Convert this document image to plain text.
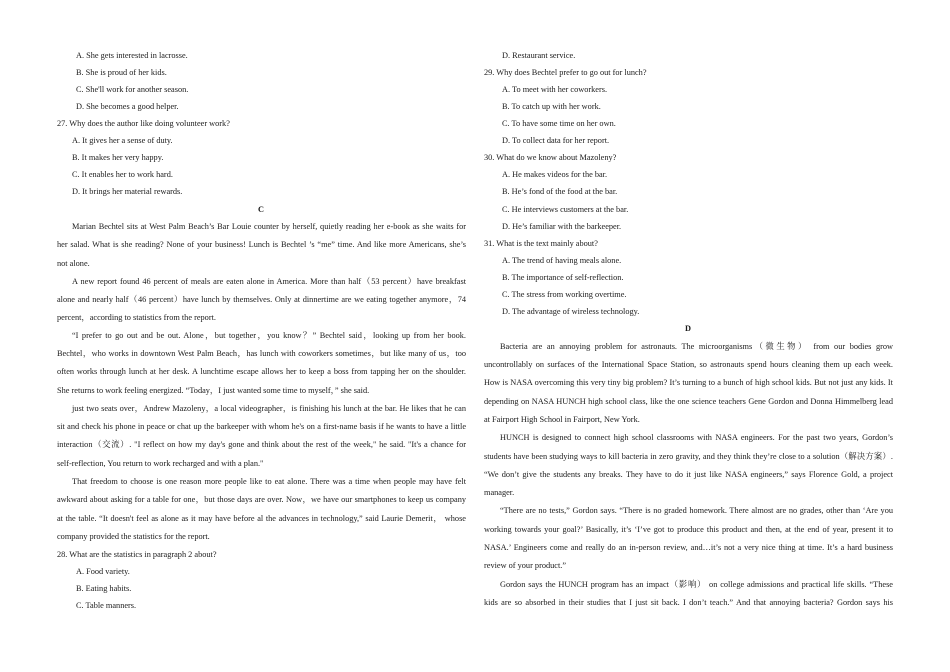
A. She gets interested in lacrosse.
B. She is proud of her kids.
C. She'll work for another season.
D. She becomes a good helper.
27. Why does the author like doing volunteer work?
A. It gives her a sense of duty.
B. It makes her very happy.
C. It enables her to work hard.
D. It brings her material rewards.
C
Marian Bechtel sits at West Palm Beach’s Bar Louie counter by herself, quietly reading her e-book as she waits for
her salad. What is she reading? None of your business! Lunch is Bechtel ’s “me” time. And like more Americans, she’s
not alone.
A new report found 46 percent of meals are eaten alone in America. More than half（53 percent）have breakfast
alone and nearly half（46 percent）have lunch by themselves. Only at dinnertime are we eating together anymore，74
percent，according to statistics from the report.
“I prefer to go out and be out. Alone，but together，you know？” Bechtel said，looking up from her book.
Bechtel，who works in downtown West Palm Beach，has lunch with coworkers sometimes，but like many of us，too
often works through lunch at her desk. A lunchtime escape allows her to keep a boss from tapping her on the shoulder.
She returns to work feeling energized. “Today，I just wanted some time to myself，” she said.
just two seats over，Andrew Mazoleny，a local videographer，is finishing his lunch at the bar. He likes that he can
sit and check his phone in peace or chat up the barkeeper with whom he's on a first-name basis if he wants to have a little
interaction（交流）. "I reflect on how my day's gone and think about the rest of the week," he said. "It's a chance for
self-reflection, You return to work recharged and with a plan."
That freedom to choose is one reason more people like to eat alone. There was a time when people may have felt
awkward about asking for a table for one，but those days are over. Now，we have our smartphones to keep us company
at the table. “It doesn't feel as alone as it may have before al the advances in technology,” said Laurie Demerit， whose
company provided the statistics for the report.
28. What are the statistics in paragraph 2 about?
A. Food variety.
B. Eating habits.
C. Table manners.
D. Restaurant service.
29. Why does Bechtel prefer to go out for lunch?
A. To meet with her coworkers.
B. To catch up with her work.
C. To have some time on her own.
D. To collect data for her report.
30. What do we know about Mazoleny?
A. He makes videos for the bar.
B. He’s fond of the food at the bar.
C. He interviews customers at the bar.
D. He’s familiar with the barkeeper.
31. What is the text mainly about?
A. The trend of having meals alone.
B. The importance of self-reflection.
C. The stress from working overtime.
D. The advantage of wireless technology.
D
Bacteria are an annoying problem for astronauts. The microorganisms（微生物） from our bodies grow
uncontrollably on surfaces of the International Space Station, so astronauts spend hours cleaning them up each week.
How is NASA overcoming this very tiny big problem? It’s turning to a bunch of high school kids. But not just any kids. It
depending on NASA HUNCH high school class, like the one science teachers Gene Gordon and Donna Himmelberg lead
at Fairport High School in Fairport, New York.
HUNCH is designed to connect high school classrooms with NASA engineers. For the past two years, Gordon’s
students have been studying ways to kill bacteria in zero gravity, and they think they’re close to a solution（解决方案）.
“We don’t give the students any breaks. They have to do it just like NASA engineers,” says Florence Gold, a project
manager.
“There are no tests,” Gordon says. “There is no graded homework. There almost are no grades, other than ‘Are you
working towards your goal?’ Basically, it’s ‘I’ve got to produce this product and then, at the end of year, present it to
NASA.’ Engineers come and really do an in-person review, and…it’s not a very nice thing at time. It’s a hard business
review of your product.”
Gordon says the HUNCH program has an impact（影响） on college admissions and practical life skills. “These
kids are so absorbed in their studies that I just sit back. I don’t teach.” And that annoying bacteria? Gordon says his
